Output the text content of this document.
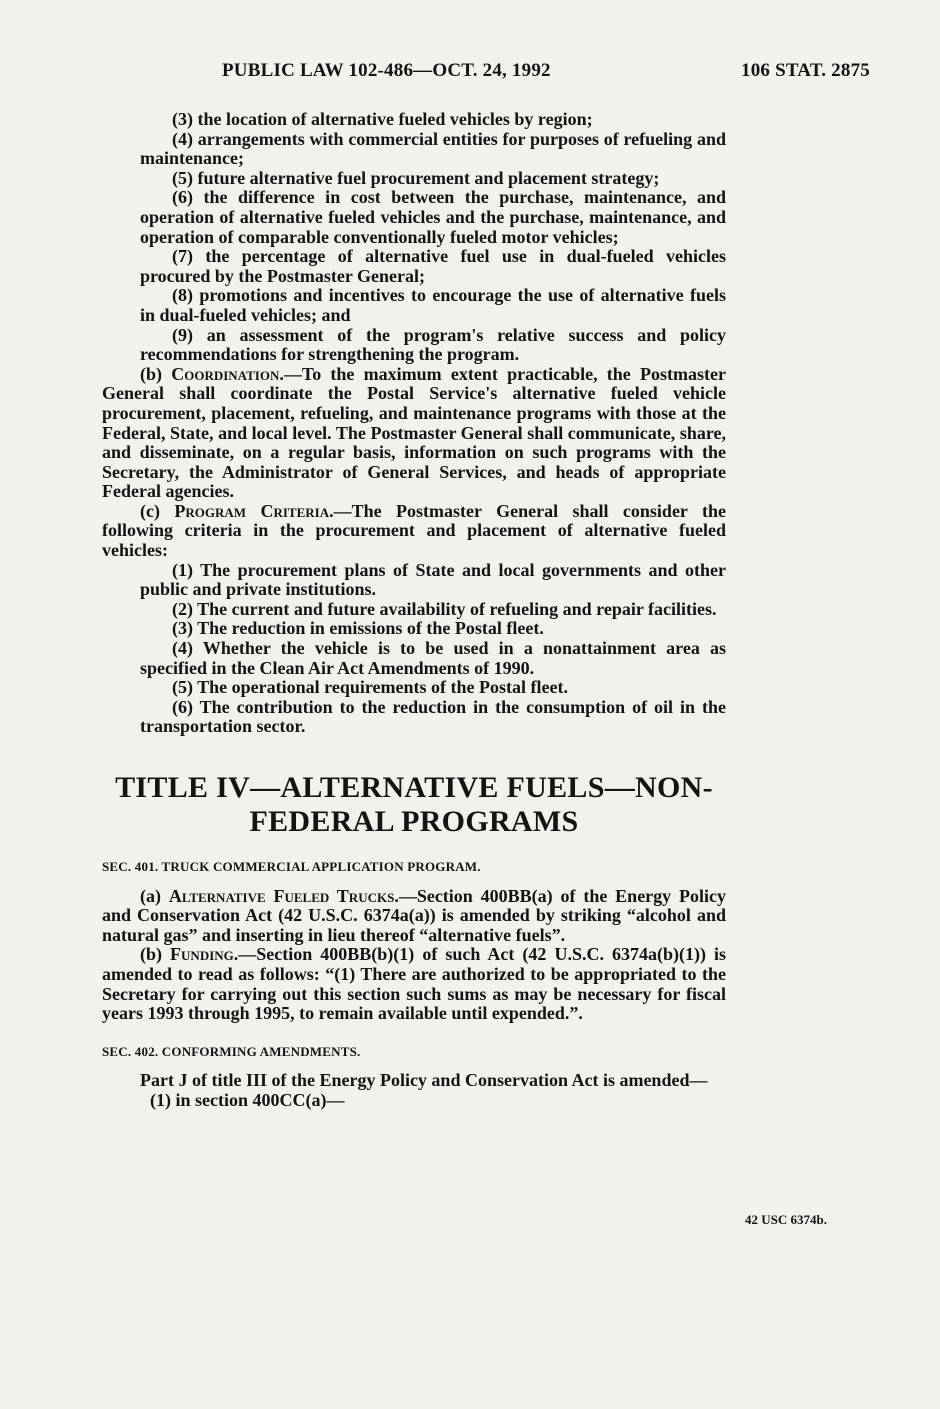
PUBLIC LAW 102-486—OCT. 24, 1992	106 STAT. 2875

(3) the location of alternative fueled vehicles by region;

(4) arrangements with commercial entities for purposes of refueling and maintenance;

(5) future alternative fuel procurement and placement strategy;

(6) the difference in cost between the purchase, maintenance, and operation of alternative fueled vehicles and the purchase, maintenance, and operation of comparable conventionally fueled motor vehicles;

(7) the percentage of alternative fuel use in dual-fueled vehicles procured by the Postmaster General;

(8) promotions and incentives to encourage the use of alternative fuels in dual-fueled vehicles; and

(9) an assessment of the program's relative success and policy recommendations for strengthening the program.

(b) Coordination.—To the maximum extent practicable, the Postmaster General shall coordinate the Postal Service's alternative fueled vehicle procurement, placement, refueling, and maintenance programs with those at the Federal, State, and local level. The Postmaster General shall communicate, share, and disseminate, on a regular basis, information on such programs with the Secretary, the Administrator of General Services, and heads of appropriate Federal agencies.

(c) Program Criteria.—The Postmaster General shall consider the following criteria in the procurement and placement of alternative fueled vehicles:

(1) The procurement plans of State and local governments and other public and private institutions.

(2) The current and future availability of refueling and repair facilities.

(3) The reduction in emissions of the Postal fleet.

(4) Whether the vehicle is to be used in a nonattainment area as specified in the Clean Air Act Amendments of 1990.

(5) The operational requirements of the Postal fleet.

(6) The contribution to the reduction in the consumption of oil in the transportation sector.

TITLE IV—ALTERNATIVE FUELS—NON-
FEDERAL PROGRAMS
SEC. 401. TRUCK COMMERCIAL APPLICATION PROGRAM.

(a) Alternative Fueled Trucks.—Section 400BB(a) of the Energy Policy and Conservation Act (42 U.S.C. 6374a(a)) is amended by striking “alcohol and natural gas” and inserting in lieu thereof “alternative fuels”.

(b) Funding.—Section 400BB(b)(1) of such Act (42 U.S.C. 6374a(b)(1)) is amended to read as follows: “(1) There are authorized to be appropriated to the Secretary for carrying out this section such sums as may be necessary for fiscal years 1993 through 1995, to remain available until expended.”.

SEC. 402. CONFORMING AMENDMENTS.

Part J of title III of the Energy Policy and Conservation Act is amended—

(1) in section 400CC(a)—

42 USC 6374b.
